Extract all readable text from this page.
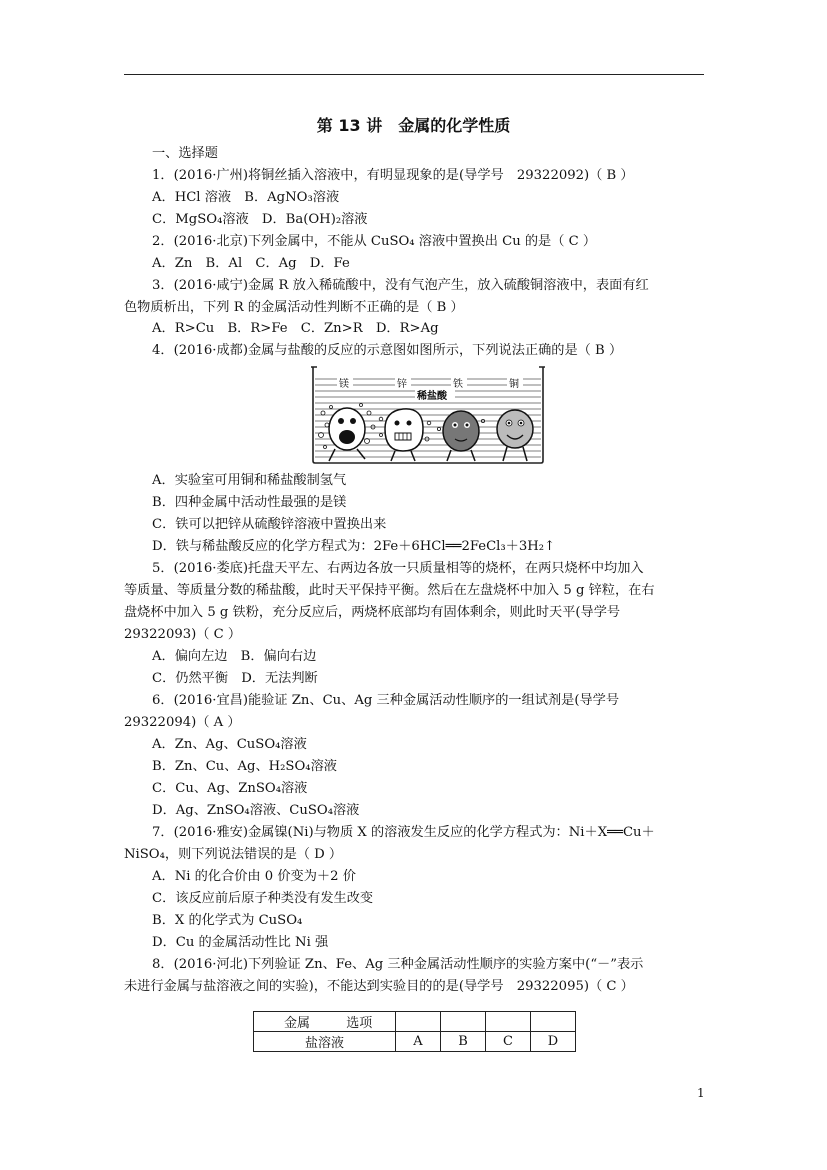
第 13 讲　金属的化学性质
一、选择题
1．(2016·广州)将铜丝插入溶液中，有明显现象的是(导学号　29322092)（ B ）
A．HCl 溶液　B．AgNO₃溶液
C．MgSO₄溶液　D．Ba(OH)₂溶液
2．(2016·北京)下列金属中，不能从 CuSO₄ 溶液中置换出 Cu 的是（ C ）
A．Zn　B．Al　C．Ag　D．Fe
3．(2016·咸宁)金属 R 放入稀硫酸中，没有气泡产生，放入硫酸铜溶液中，表面有红
色物质析出，下列 R 的金属活动性判断不正确的是（ B ）
A．R>Cu　B．R>Fe　C．Zn>R　D．R>Ag
4．(2016·成都)金属与盐酸的反应的示意图如图所示，下列说法正确的是（ B ）
镁	锌	铁	铜
稀盐酸
A．实验室可用铜和稀盐酸制氢气
B．四种金属中活动性最强的是镁
C．铁可以把锌从硫酸锌溶液中置换出来
D．铁与稀盐酸反应的化学方程式为：2Fe＋6HCl══2FeCl₃＋3H₂↑
5．(2016·娄底)托盘天平左、右两边各放一只质量相等的烧杯，在两只烧杯中均加入
等质量、等质量分数的稀盐酸，此时天平保持平衡。然后在左盘烧杯中加入 5 g 锌粒，在右
盘烧杯中加入 5 g 铁粉，充分反应后，两烧杯底部均有固体剩余，则此时天平(导学号
29322093)（ C ）
A．偏向左边　B．偏向右边
C．仍然平衡　D．无法判断
6．(2016·宜昌)能验证 Zn、Cu、Ag 三种金属活动性顺序的一组试剂是(导学号
29322094)（ A ）
A．Zn、Ag、CuSO₄溶液
B．Zn、Cu、Ag、H₂SO₄溶液
C．Cu、Ag、ZnSO₄溶液
D．Ag、ZnSO₄溶液、CuSO₄溶液
7．(2016·雅安)金属镍(Ni)与物质 X 的溶液发生反应的化学方程式为：Ni＋X══Cu＋
NiSO₄，则下列说法错误的是（ D ）
A．Ni 的化合价由 0 价变为＋2 价
C．该反应前后原子种类没有发生改变
B．X 的化学式为 CuSO₄
D．Cu 的金属活动性比 Ni 强
8．(2016·河北)下列验证 Zn、Fe、Ag 三种金属活动性顺序的实验方案中(“－”表示
未进行金属与盐溶液之间的实验)，不能达到实验目的的是(导学号　29322095)（ C ）
金属 选项				
盐溶液	A	B	C	D
1
